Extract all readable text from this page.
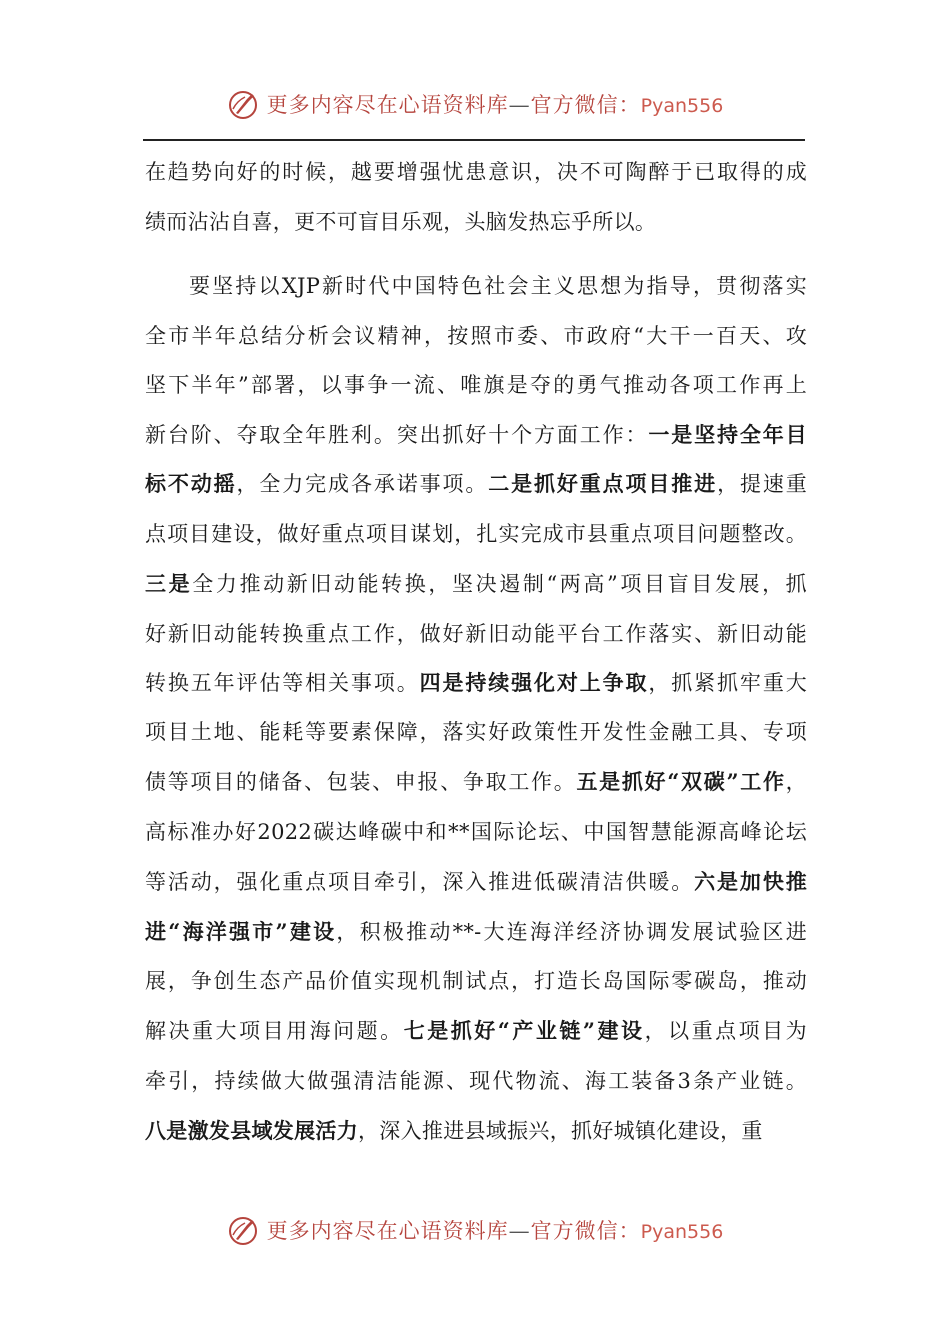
更多内容尽在心语资料库—官方微信：Pyan556
在趋势向好的时候，越要增强忧患意识，决不可陶醉于已取得的成
绩而沾沾自喜，更不可盲目乐观，头脑发热忘乎所以。
要坚持以XJP新时代中国特色社会主义思想为指导，贯彻落实
全市半年总结分析会议精神，按照市委、市政府“大干一百天、攻
坚下半年”部署，以事争一流、唯旗是夺的勇气推动各项工作再上
新台阶、夺取全年胜利。突出抓好十个方面工作：一是坚持全年目
标不动摇，全力完成各承诺事项。二是抓好重点项目推进，提速重
点项目建设，做好重点项目谋划，扎实完成市县重点项目问题整改。
三是全力推动新旧动能转换，坚决遏制“两高”项目盲目发展，抓
好新旧动能转换重点工作，做好新旧动能平台工作落实、新旧动能
转换五年评估等相关事项。四是持续强化对上争取，抓紧抓牢重大
项目土地、能耗等要素保障，落实好政策性开发性金融工具、专项
债等项目的储备、包装、申报、争取工作。五是抓好“双碳”工作，
高标准办好2022碳达峰碳中和**国际论坛、中国智慧能源高峰论坛
等活动，强化重点项目牵引，深入推进低碳清洁供暖。六是加快推
进“海洋强市”建设，积极推动**-大连海洋经济协调发展试验区进
展，争创生态产品价值实现机制试点，打造长岛国际零碳岛，推动
解决重大项目用海问题。七是抓好“产业链”建设，以重点项目为
牵引，持续做大做强清洁能源、现代物流、海工装备3条产业链。
八是激发县域发展活力，深入推进县域振兴，抓好城镇化建设，重
更多内容尽在心语资料库—官方微信：Pyan556
